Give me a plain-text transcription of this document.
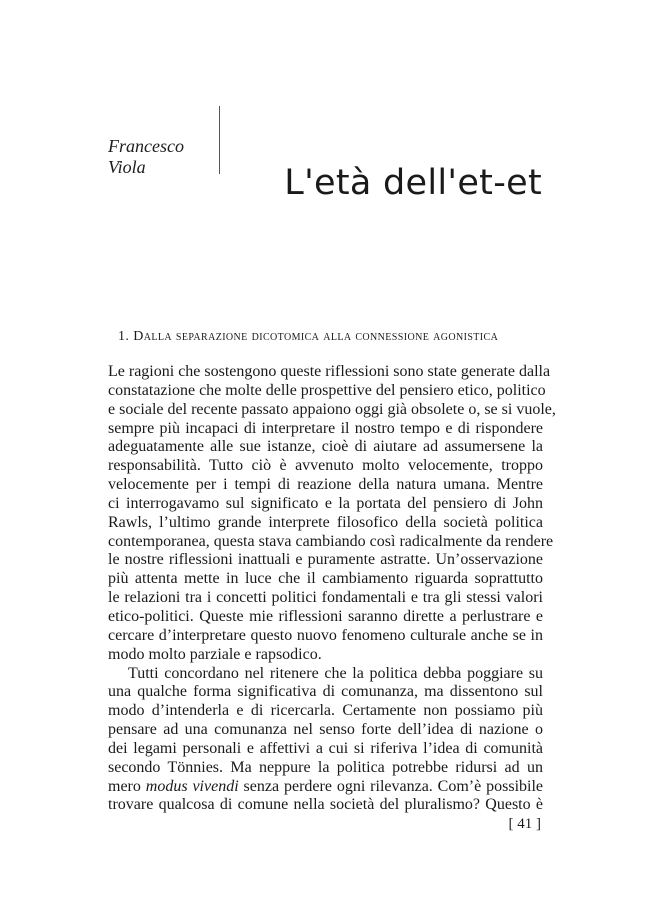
Francesco
Viola	L'età dell'et-et
1. Dalla separazione dicotomica alla connessione agonistica
Le ragioni che sostengono queste riflessioni sono state generate dalla
constatazione che molte delle prospettive del pensiero etico, politico
e sociale del recente passato appaiono oggi già obsolete o, se si vuole,
sempre più incapaci di interpretare il nostro tempo e di rispondere
adeguatamente alle sue istanze, cioè di aiutare ad assumersene la
responsabilità. Tutto ciò è avvenuto molto velocemente, troppo
velocemente per i tempi di reazione della natura umana. Mentre
ci interrogavamo sul significato e la portata del pensiero di John
Rawls, l’ultimo grande interprete filosofico della società politica
contemporanea, questa stava cambiando così radicalmente da rendere
le nostre riflessioni inattuali e puramente astratte. Un’osservazione
più attenta mette in luce che il cambiamento riguarda soprattutto
le relazioni tra i concetti politici fondamentali e tra gli stessi valori
etico-politici. Queste mie riflessioni saranno dirette a perlustrare e
cercare d’interpretare questo nuovo fenomeno culturale anche se in
modo molto parziale e rapsodico.
Tutti concordano nel ritenere che la politica debba poggiare su
una qualche forma significativa di comunanza, ma dissentono sul
modo d’intenderla e di ricercarla. Certamente non possiamo più
pensare ad una comunanza nel senso forte dell’idea di nazione o
dei legami personali e affettivi a cui si riferiva l’idea di comunità
secondo Tönnies. Ma neppure la politica potrebbe ridursi ad un
mero modus vivendi senza perdere ogni rilevanza. Com’è possibile
trovare qualcosa di comune nella società del pluralismo? Questo è
[ 41 ]
